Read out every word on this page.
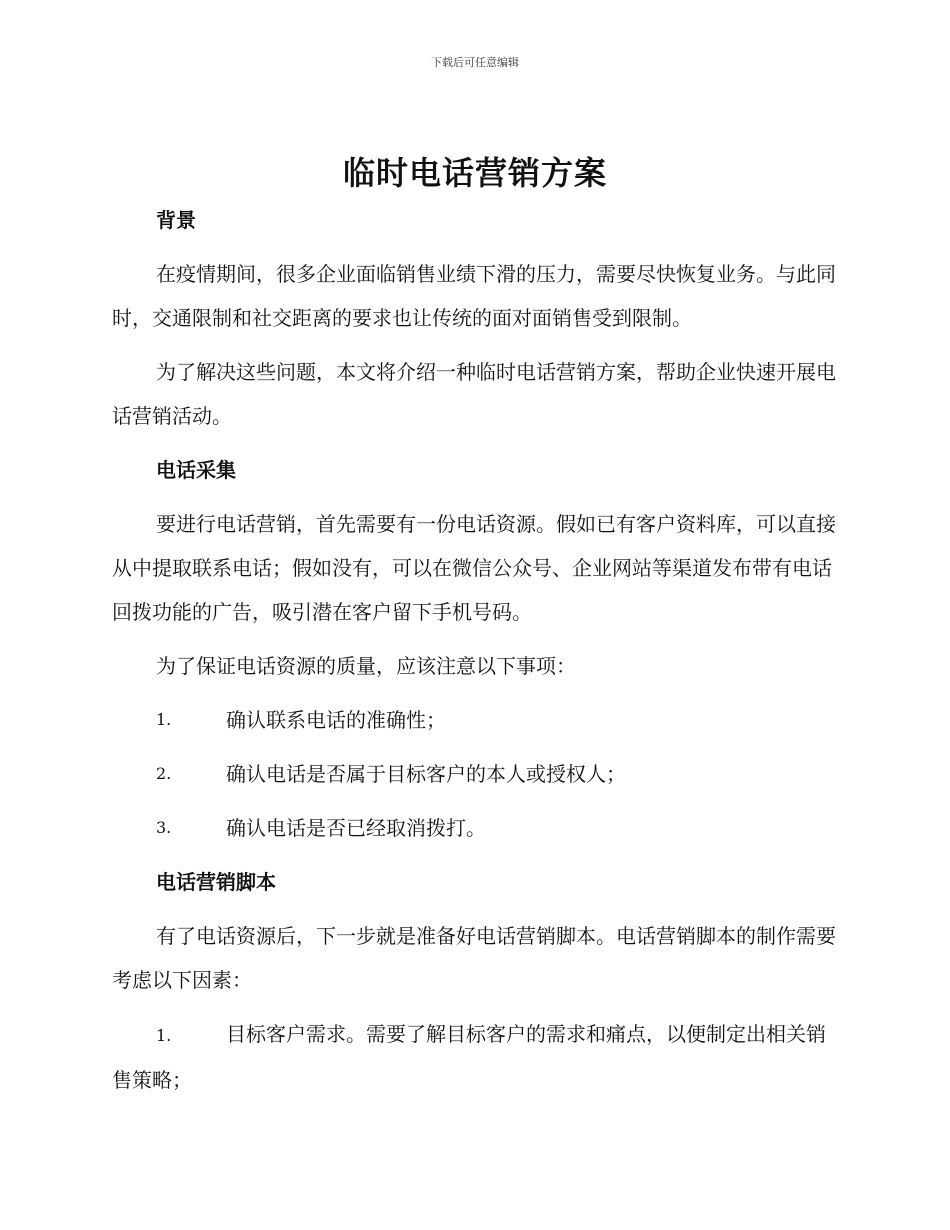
下载后可任意编辑
临时电话营销方案
背景

在疫情期间，很多企业面临销售业绩下滑的压力，需要尽快恢复业务。与此同时，交通限制和社交距离的要求也让传统的面对面销售受到限制。

为了解决这些问题，本文将介绍一种临时电话营销方案，帮助企业快速开展电话营销活动。

电话采集

要进行电话营销，首先需要有一份电话资源。假如已有客户资料库，可以直接从中提取联系电话；假如没有，可以在微信公众号、企业网站等渠道发布带有电话回拨功能的广告，吸引潜在客户留下手机号码。

为了保证电话资源的质量，应该注意以下事项：

1.	确认联系电话的准确性；
2.	确认电话是否属于目标客户的本人或授权人；
3.	确认电话是否已经取消拨打。
电话营销脚本

有了电话资源后，下一步就是准备好电话营销脚本。电话营销脚本的制作需要考虑以下因素：

1.	目标客户需求。需要了解目标客户的需求和痛点，以便制定出相关销售策略；
